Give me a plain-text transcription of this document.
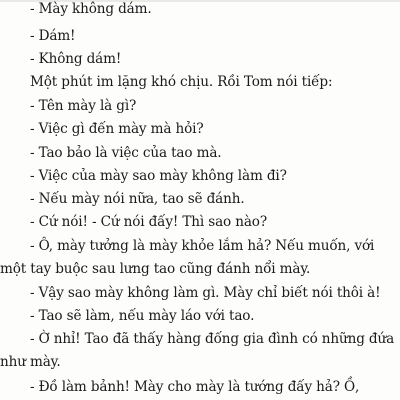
- Mày không dám.
- Dám!
- Không dám!
Một phút im lặng khó chịu. Rồi Tom nói tiếp:
- Tên mày là gì?
- Việc gì đến mày mà hỏi?
- Tao bảo là việc của tao mà.
- Việc của mày sao mày không làm đi?
- Nếu mày nói nữa, tao sẽ đánh.
- Cứ nói! - Cứ nói đấy! Thì sao nào?
- Ô, mày tưởng là mày khỏe lắm hả? Nếu muốn, với
một tay buộc sau lưng tao cũng đánh nổi mày.
- Vậy sao mày không làm gì. Mày chỉ biết nói thôi à!
- Tao sẽ làm, nếu mày láo với tao.
- Ờ nhỉ! Tao đã thấy hàng đống gia đình có những đứa
như mày.
- Đồ làm bảnh! Mày cho mày là tướng đấy hả? Ồ,
